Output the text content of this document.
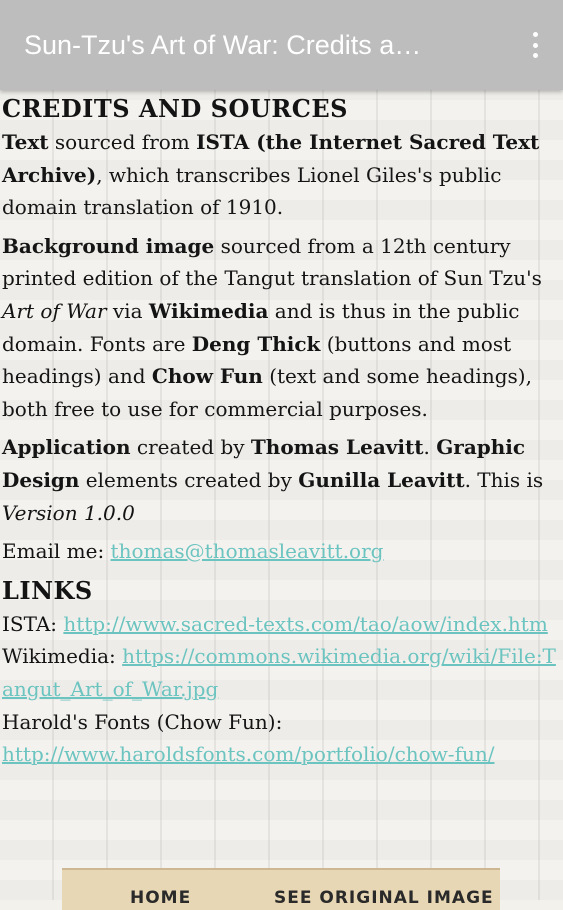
Sun-Tzu's Art of War: Credits a…
CREDITS AND SOURCES

Text sourced from ISTA (the Internet Sacred Text Archive), which transcribes Lionel Giles's public domain translation of 1910.

Background image sourced from a 12th century printed edition of the Tangut translation of Sun Tzu's Art of War via Wikimedia and is thus in the public domain. Fonts are Deng Thick (buttons and most headings) and Chow Fun (text and some headings), both free to use for commercial purposes.

Application created by Thomas Leavitt. Graphic Design elements created by Gunilla Leavitt. This is Version 1.0.0

Email me: thomas@thomasleavitt.org

LINKS

ISTA: http://www.sacred-texts.com/tao/aow/index.htm

Wikimedia: https://commons.wikimedia.org/wiki/File:Tangut_Art_of_War.jpg

Harold's Fonts (Chow Fun):
http://www.haroldsfonts.com/portfolio/chow-fun/

HOME	SEE ORIGINAL IMAGE
